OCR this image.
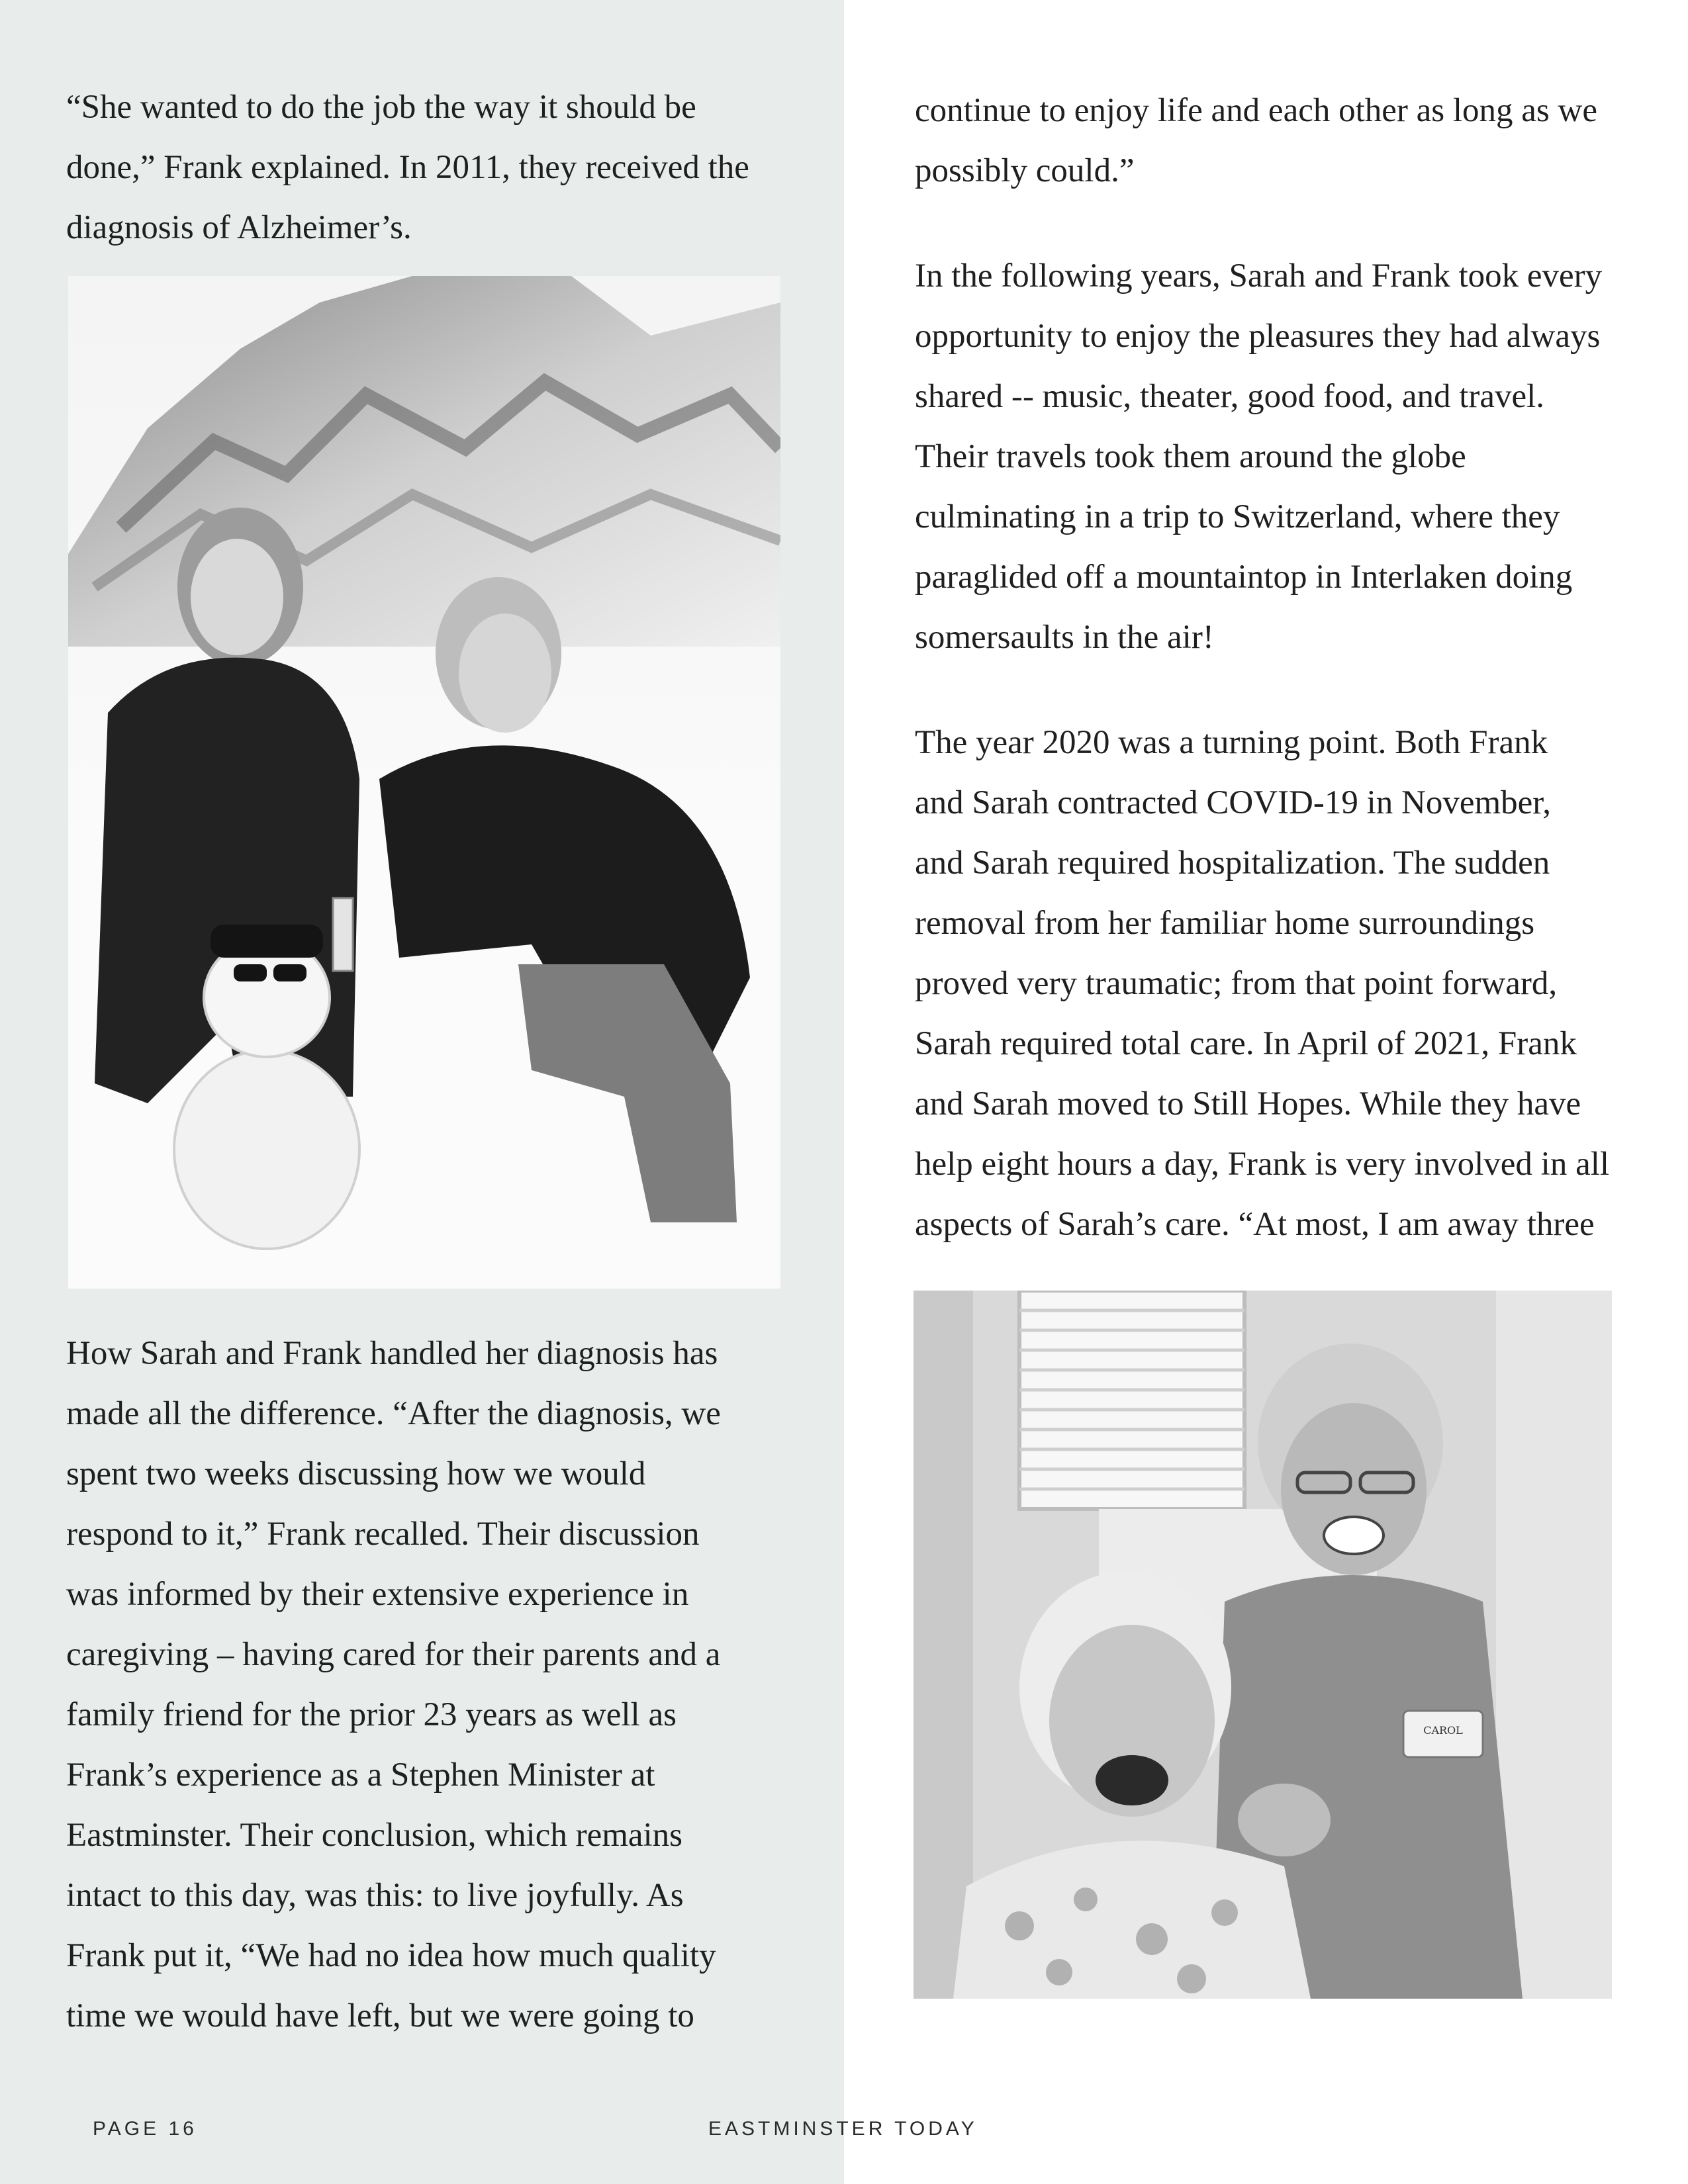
“She wanted to do the job the way it should be
done,” Frank explained. In 2011, they received the
diagnosis of Alzheimer’s.
How Sarah and Frank handled her diagnosis has
made all the difference. “After the diagnosis, we
spent two weeks discussing how we would
respond to it,” Frank recalled. Their discussion
was informed by their extensive experience in
caregiving – having cared for their parents and a
family friend for the prior 23 years as well as
Frank’s experience as a Stephen Minister at
Eastminster. Their conclusion, which remains
intact to this day, was this: to live joyfully. As
Frank put it, “We had no idea how much quality
time we would have left, but we were going to
continue to enjoy life and each other as long as we
possibly could.”
In the following years, Sarah and Frank took every
opportunity to enjoy the pleasures they had always
shared -- music, theater, good food, and travel.
Their travels took them around the globe
culminating in a trip to Switzerland, where they
paraglided off a mountaintop in Interlaken doing
somersaults in the air!
The year 2020 was a turning point. Both Frank
and Sarah contracted COVID-19 in November,
and Sarah required hospitalization. The sudden
removal from her familiar home surroundings
proved very traumatic; from that point forward,
Sarah required total care. In April of 2021, Frank
and Sarah moved to Still Hopes. While they have
help eight hours a day, Frank is very involved in all
aspects of Sarah’s care. “At most, I am away three
CAROL
PAGE 16	EASTMINSTER TODAY
